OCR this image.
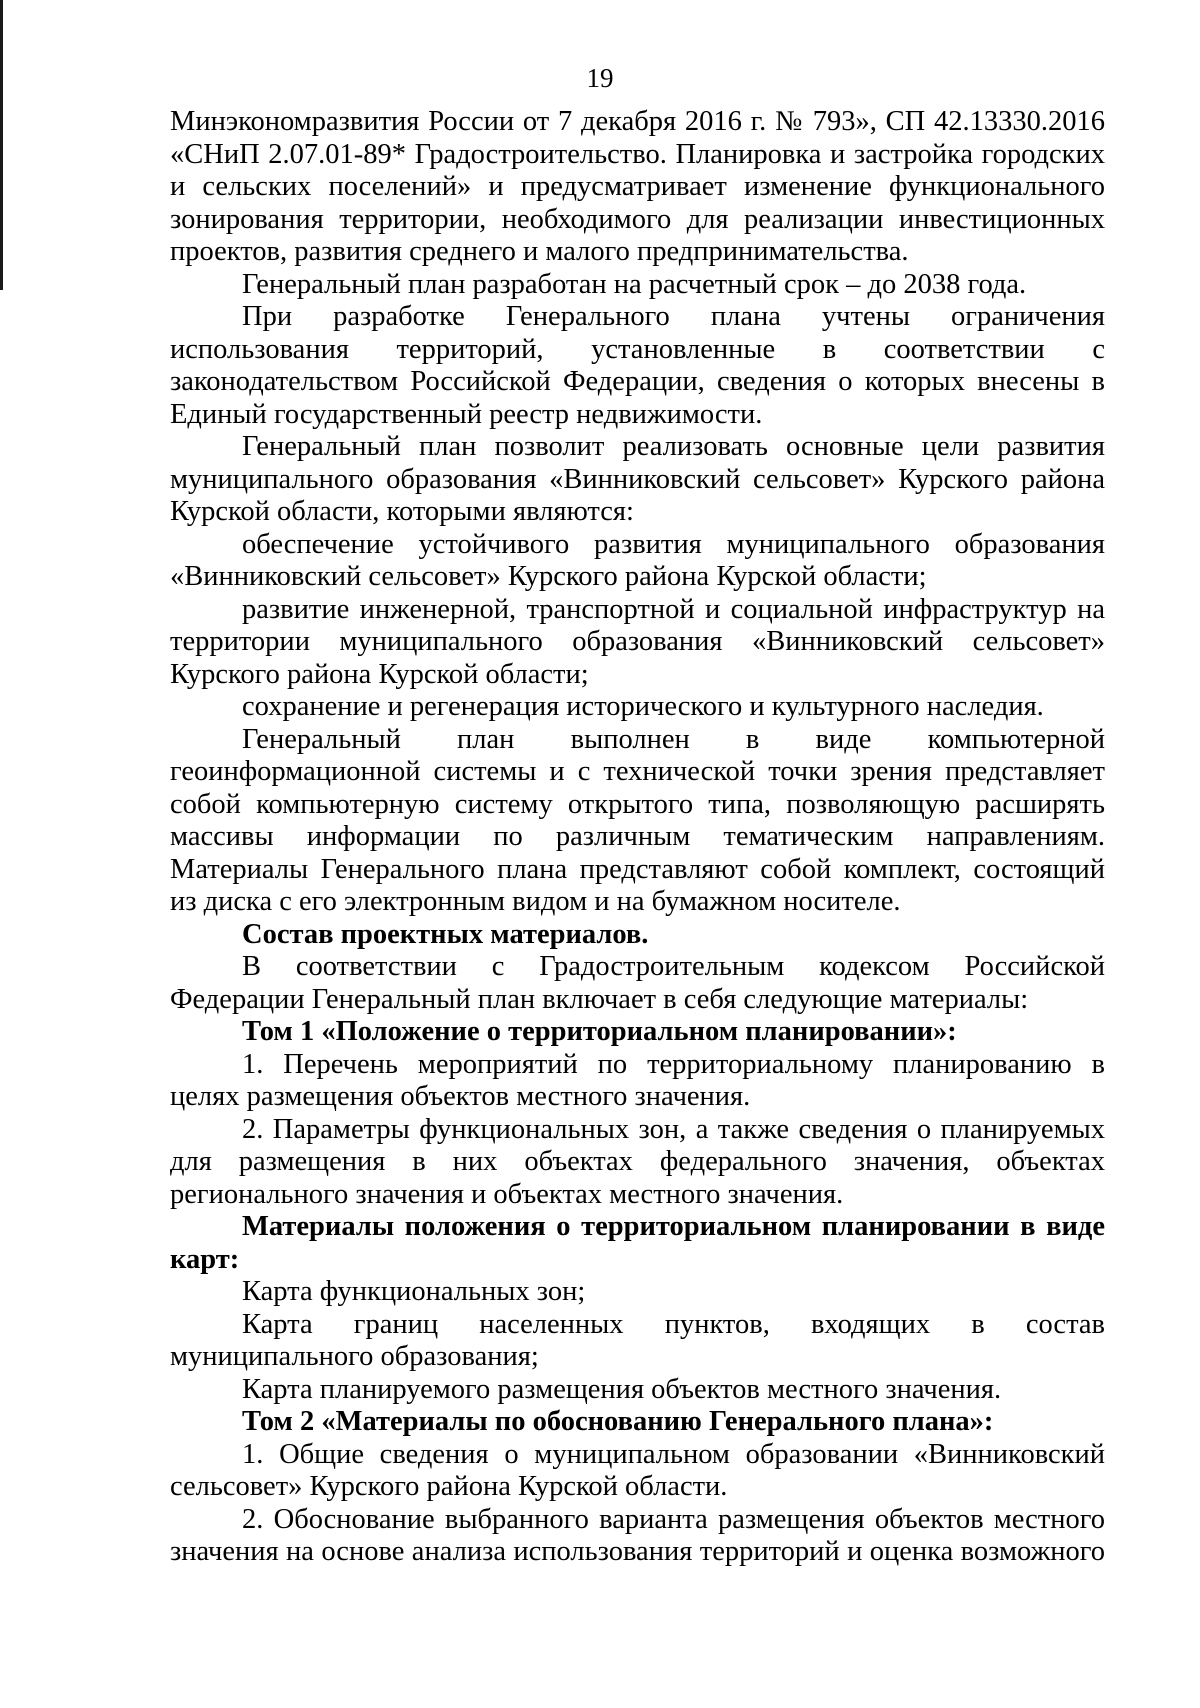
19

Минэкономразвития России от 7 декабря 2016 г. № 793», СП 42.13330.2016 «СНиП 2.07.01-89* Градостроительство. Планировка и застройка городских и сельских поселений» и предусматривает изменение функционального зонирования территории, необходимого для реализации инвестиционных проектов, развития среднего и малого предпринимательства.

Генеральный план разработан на расчетный срок – до 2038 года.

При разработке Генерального плана учтены ограничения использования территорий, установленные в соответствии с законодательством Российской Федерации, сведения о которых внесены в Единый государственный реестр недвижимости.

Генеральный план позволит реализовать основные цели развития муниципального образования «Винниковский сельсовет» Курского района Курской области, которыми являются:

обеспечение устойчивого развития муниципального образования «Винниковский сельсовет» Курского района Курской области;

развитие инженерной, транспортной и социальной инфраструктур на территории муниципального образования «Винниковский сельсовет» Курского района Курской области;

сохранение и регенерация исторического и культурного наследия.

Генеральный план выполнен в виде компьютерной геоинформационной системы и с технической точки зрения представляет собой компьютерную систему открытого типа, позволяющую расширять массивы информации по различным тематическим направлениям. Материалы Генерального плана представляют собой комплект, состоящий из диска с его электронным видом и на бумажном носителе.

Состав проектных материалов.

В соответствии с Градостроительным кодексом Российской Федерации Генеральный план включает в себя следующие материалы:

Том 1 «Положение о территориальном планировании»:

1. Перечень мероприятий по территориальному планированию в целях размещения объектов местного значения.

2. Параметры функциональных зон, а также сведения о планируемых для размещения в них объектах федерального значения, объектах регионального значения и объектах местного значения.

Материалы положения о территориальном планировании в виде карт:

Карта функциональных зон;

Карта границ населенных пунктов, входящих в состав муниципального образования;

Карта планируемого размещения объектов местного значения.

Том 2 «Материалы по обоснованию Генерального плана»:

1. Общие сведения о муниципальном образовании «Винниковский сельсовет» Курского района Курской области.

2. Обоснование выбранного варианта размещения объектов местного значения на основе анализа использования территорий и оценка возможного
